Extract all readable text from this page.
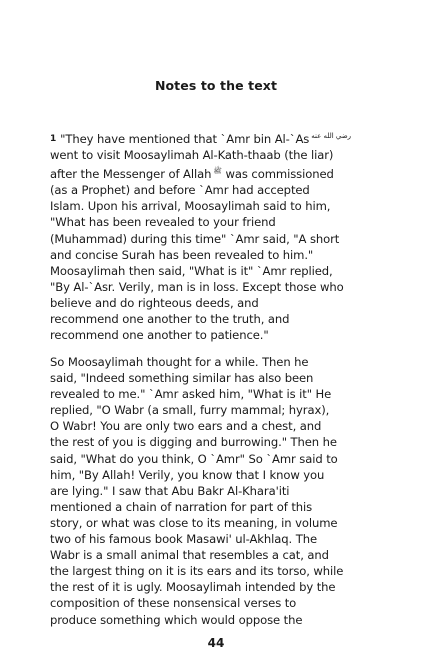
Notes to the text
1 "They have mentioned that `Amr bin Al-`As $^{رضي الله عنه}$
went to visit Moosaylimah Al-Kath-thaab (the liar)
after the Messenger of Allah $^ﷺ$ was commissioned
(as a Prophet) and before `Amr had accepted
Islam. Upon his arrival, Moosaylimah said to him,
"What has been revealed to your friend
(Muhammad) during this time" `Amr said, "A short
and concise Surah has been revealed to him."
Moosaylimah then said, "What is it" `Amr replied,
"By Al-`Asr. Verily, man is in loss. Except those who
believe and do righteous deeds, and
recommend one another to the truth, and
recommend one another to patience."
So Moosaylimah thought for a while. Then he
said, "Indeed something similar has also been
revealed to me." `Amr asked him, "What is it" He
replied, "O Wabr (a small, furry mammal; hyrax),
O Wabr! You are only two ears and a chest, and
the rest of you is digging and burrowing." Then he
said, "What do you think, O `Amr" So `Amr said to
him, "By Allah! Verily, you know that I know you
are lying." I saw that Abu Bakr Al-Khara'iti
mentioned a chain of narration for part of this
story, or what was close to its meaning, in volume
two of his famous book Masawi' ul-Akhlaq. The
Wabr is a small animal that resembles a cat, and
the largest thing on it is its ears and its torso, while
the rest of it is ugly. Moosaylimah intended by the
composition of these nonsensical verses to
produce something which would oppose the
44
